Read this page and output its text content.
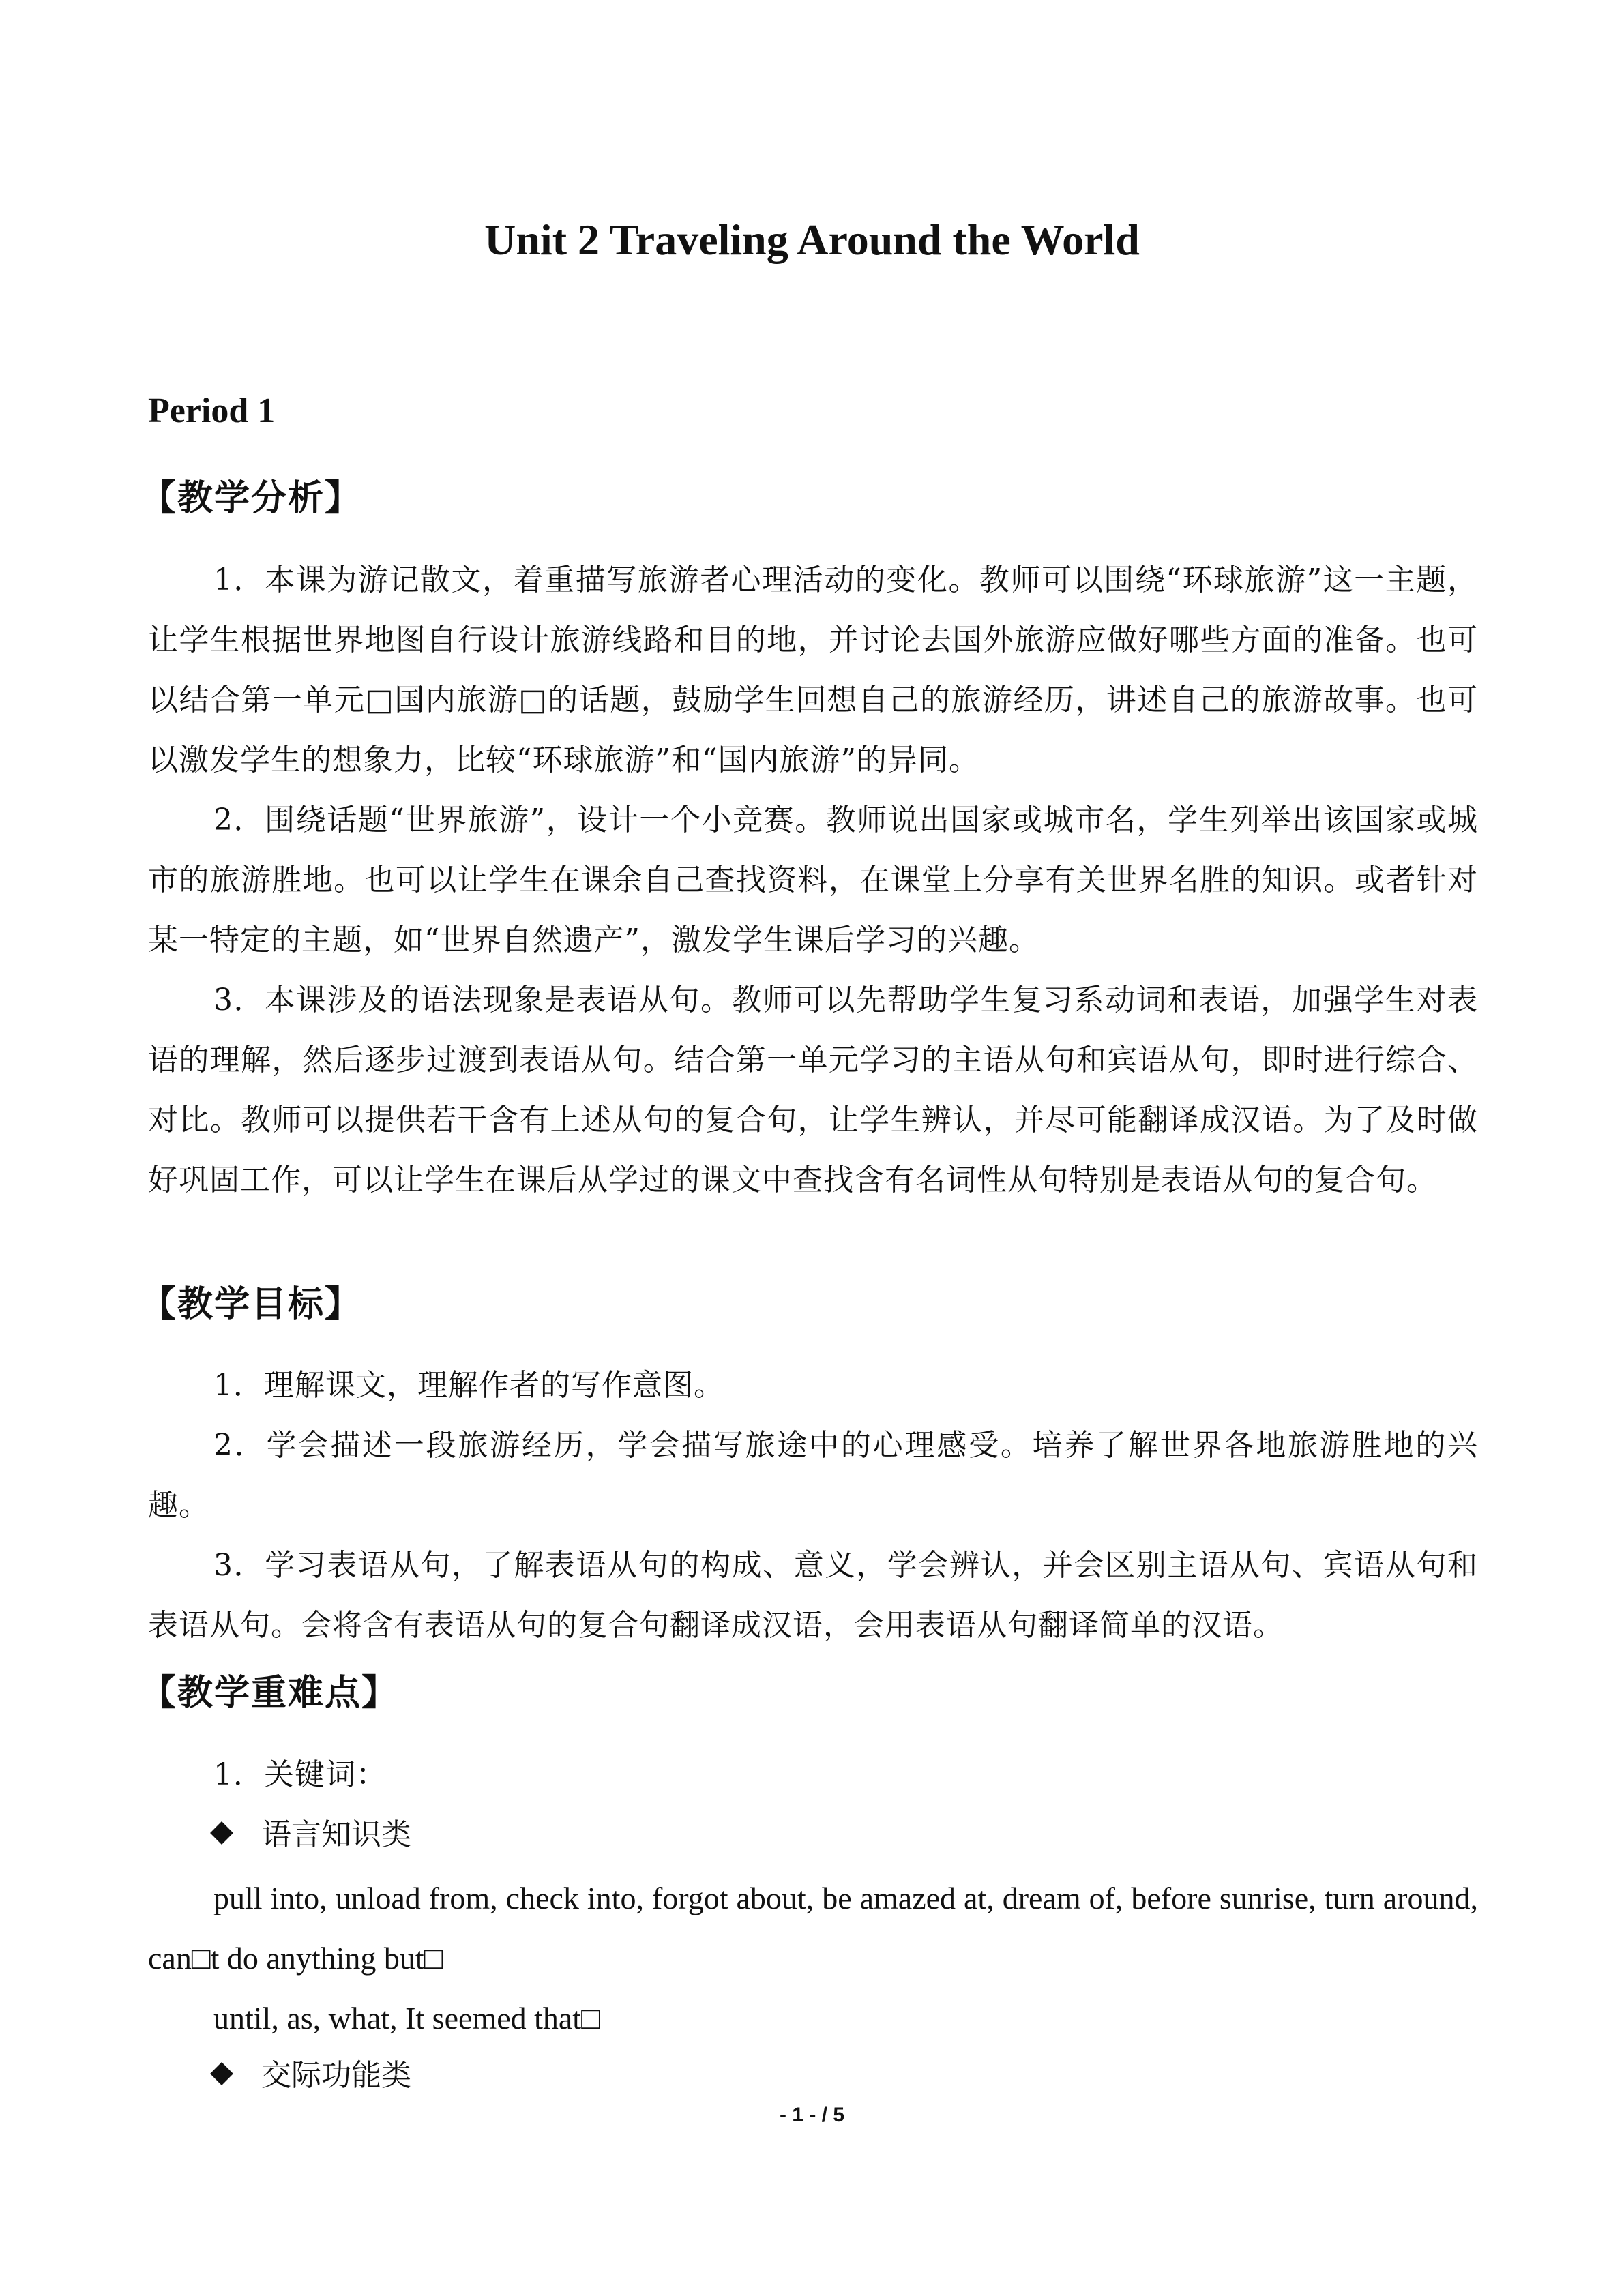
Unit 2 Traveling Around the World
Period 1
【教学分析】

1．本课为游记散文，着重描写旅游者心理活动的变化。教师可以围绕“环球旅游”这一主题，让学生根据世界地图自行设计旅游线路和目的地，并讨论去国外旅游应做好哪些方面的准备。也可以结合第一单元□国内旅游□的话题，鼓励学生回想自己的旅游经历，讲述自己的旅游故事。也可以激发学生的想象力，比较“环球旅游”和“国内旅游”的异同。

2．围绕话题“世界旅游”，设计一个小竞赛。教师说出国家或城市名，学生列举出该国家或城市的旅游胜地。也可以让学生在课余自己查找资料，在课堂上分享有关世界名胜的知识。或者针对某一特定的主题，如“世界自然遗产”，激发学生课后学习的兴趣。

3．本课涉及的语法现象是表语从句。教师可以先帮助学生复习系动词和表语，加强学生对表语的理解，然后逐步过渡到表语从句。结合第一单元学习的主语从句和宾语从句，即时进行综合、对比。教师可以提供若干含有上述从句的复合句，让学生辨认，并尽可能翻译成汉语。为了及时做好巩固工作，可以让学生在课后从学过的课文中查找含有名词性从句特别是表语从句的复合句。

【教学目标】

1．理解课文，理解作者的写作意图。

2．学会描述一段旅游经历，学会描写旅途中的心理感受。培养了解世界各地旅游胜地的兴趣。

3．学习表语从句，了解表语从句的构成、意义，学会辨认，并会区别主语从句、宾语从句和表语从句。会将含有表语从句的复合句翻译成汉语，会用表语从句翻译简单的汉语。

【教学重难点】

1．关键词：

语言知识类

pull into, unload from, check into, forgot about, be amazed at, dream of, before sunrise, turn around, can□t do anything but□

until, as, what, It seemed that□

交际功能类
- 1 - / 5
